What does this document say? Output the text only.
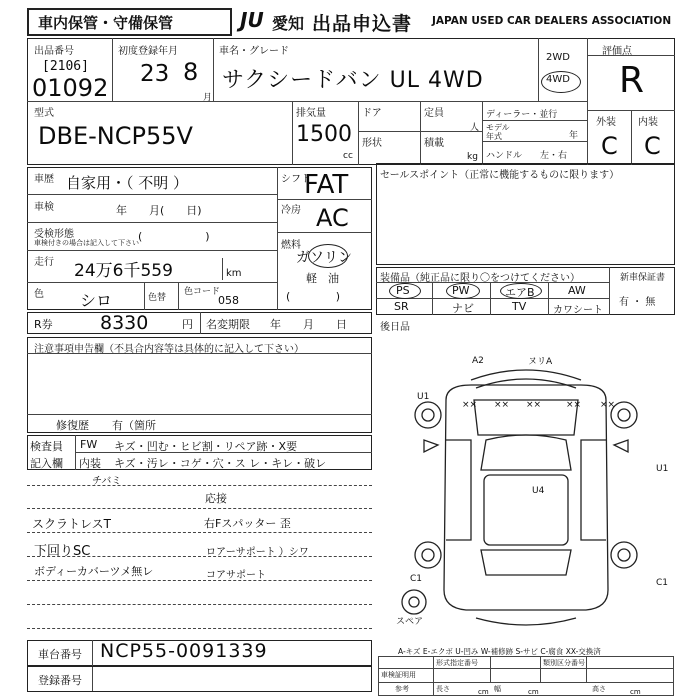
車内保管・守備保管	JU 愛知 出品申込書 JAPAN USED CAR DEALERS ASSOCIATION
出品番号
[2106]
01092
初度登録年月
23 8
月
車名・グレード
サクシードバン UL 4WD
2WD
4WD
評価点
R
外装 内装
C C
型式
DBE-NCP55V
排気量
1500
cc
ドア
形状
定員
人
積載
kg
ディーラー・並行
モデル年式	年
ハンドル 左・右
車歴 自家用・（ 不明 ）	シフト
FAT
車検	年　　月(　　日)	冷房 AC
受検形態
車検付きの場合は記入して下さい (                  )
燃料
ガソリン
軽　油
(             )
走行 24万6千559	km
色 シロ	色替
色コード
058
セールスポイント（正常に機能するものに限ります）
装備品（純正品に限り〇をつけてください）	新車保証書
有 ・ 無
PS	PW	エアB	AW
SR	ナビ	TV	カワシート
R券 8330	円 名変期限 年　　月　　日	後日品
注意事項申告欄（不具合内容等は具体的に記入して下さい）
修復歴 有（箇所
検査員
記入欄
FW キズ・凹む・ヒビ割・リペア跡・X要
内装 キズ・汚レ・コゲ・穴・ス レ・キレ・破レ
チバミ
スクラトレスT
下回りSC
ボディーカバーツメ無レ
応接
右Fスパッター 歪
ロアーサポート ）シワ
コアサポート
A2	ヌリA
U1
×× ×× ××	×× ××
U4
U1
C1	C1
スペア
A-キズ E-エクボ U-凹み W-補修跡 S-サビ C-腐食 XX-交換済
車台番号 NCP55-0091339
登録番号
形式指定番号	類別区分番号
車検証明用
参考	長さ	cm 幅	cm	高さ	cm
